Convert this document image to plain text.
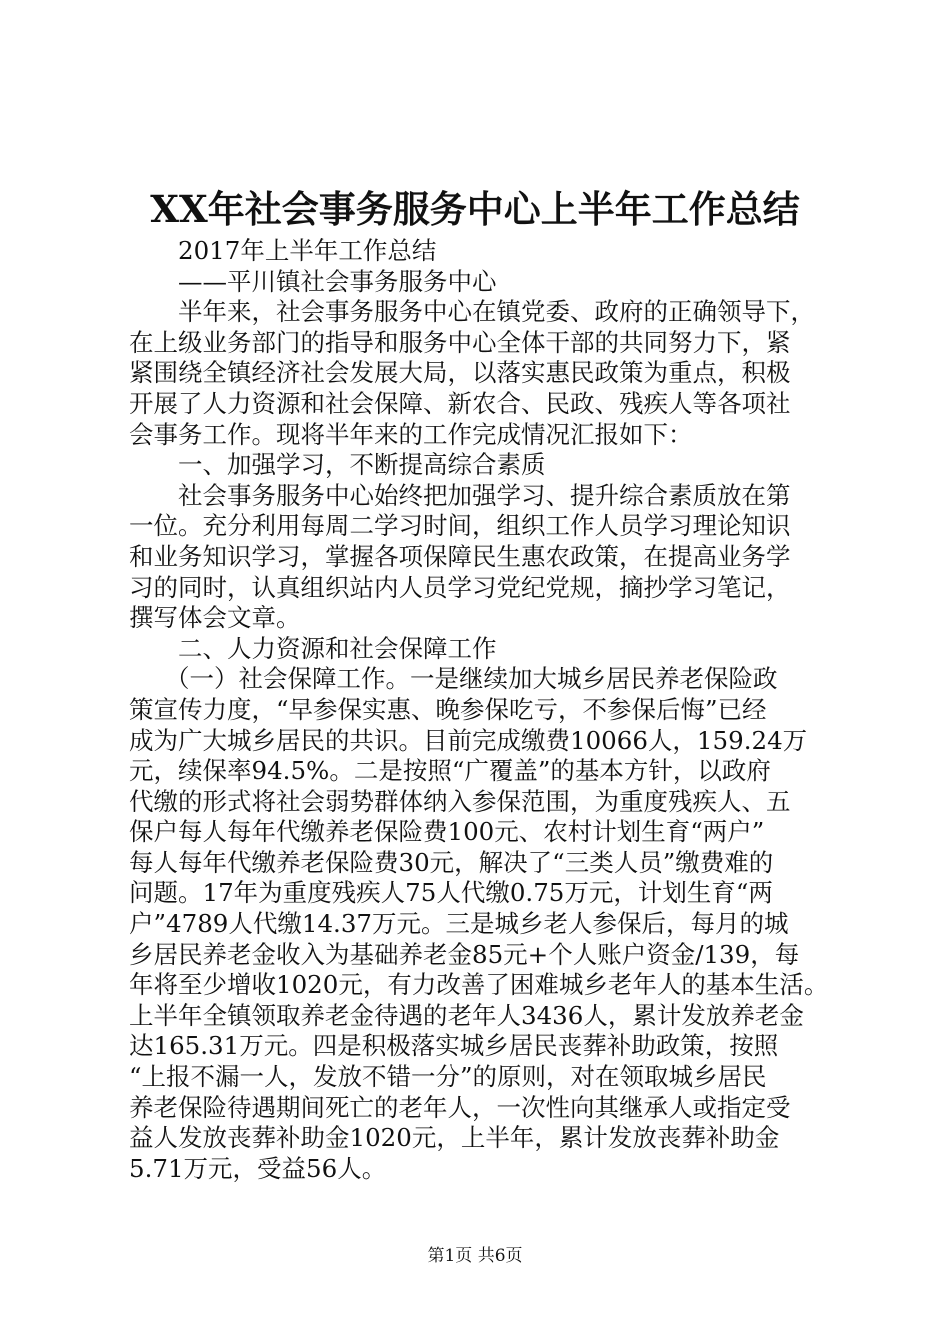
XX年社会事务服务中心上半年工作总结
2017年上半年工作总结
——平川镇社会事务服务中心
半年来，社会事务服务中心在镇党委、政府的正确领导下，
在上级业务部门的指导和服务中心全体干部的共同努力下，紧
紧围绕全镇经济社会发展大局，以落实惠民政策为重点，积极
开展了人力资源和社会保障、新农合、民政、残疾人等各项社
会事务工作。现将半年来的工作完成情况汇报如下：
一、加强学习，不断提高综合素质
社会事务服务中心始终把加强学习、提升综合素质放在第
一位。充分利用每周二学习时间，组织工作人员学习理论知识
和业务知识学习，掌握各项保障民生惠农政策，在提高业务学
习的同时，认真组织站内人员学习党纪党规，摘抄学习笔记，
撰写体会文章。
二、人力资源和社会保障工作
（一）社会保障工作。一是继续加大城乡居民养老保险政
策宣传力度，“早参保实惠、晚参保吃亏，不参保后悔”已经
成为广大城乡居民的共识。目前完成缴费10066人，159.24万
元，续保率94.5%。二是按照“广覆盖”的基本方针，以政府
代缴的形式将社会弱势群体纳入参保范围，为重度残疾人、五
保户每人每年代缴养老保险费100元、农村计划生育“两户”
每人每年代缴养老保险费30元，解决了“三类人员”缴费难的
问题。17年为重度残疾人75人代缴0.75万元，计划生育“两
户”4789人代缴14.37万元。三是城乡老人参保后，每月的城
乡居民养老金收入为基础养老金85元+个人账户资金/139，每
年将至少增收1020元，有力改善了困难城乡老年人的基本生活。
上半年全镇领取养老金待遇的老年人3436人，累计发放养老金
达165.31万元。四是积极落实城乡居民丧葬补助政策，按照
“上报不漏一人，发放不错一分”的原则，对在领取城乡居民
养老保险待遇期间死亡的老年人，一次性向其继承人或指定受
益人发放丧葬补助金1020元，上半年，累计发放丧葬补助金
5.71万元，受益56人。
第1页 共6页
